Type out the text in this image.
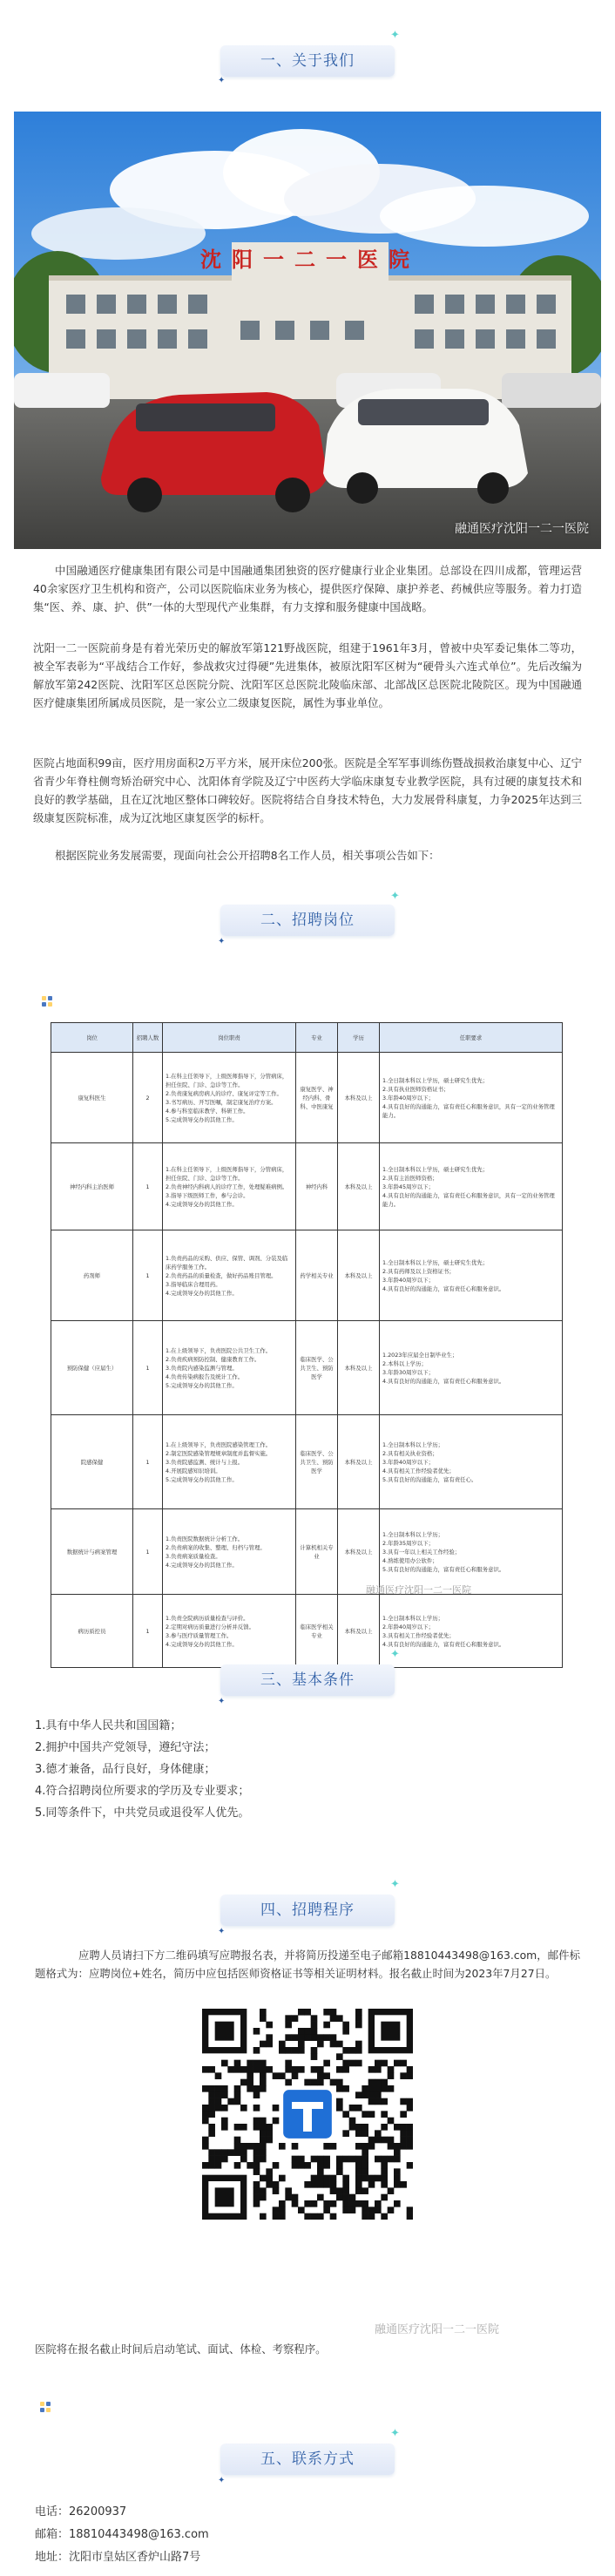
✦
一、关于我们
✦
沈阳一二一医院
融通医疗沈阳一二一医院
中国融通医疗健康集团有限公司是中国融通集团独资的医疗健康行业企业集团。总部设在四川成都，管理运营40余家医疗卫生机构和资产，公司以医院临床业务为核心，提供医疗保障、康护养老、药械供应等服务。着力打造集“医、养、康、护、供”一体的大型现代产业集群，有力支撑和服务健康中国战略。
沈阳一二一医院前身是有着光荣历史的解放军第121野战医院，组建于1961年3月，曾被中央军委记集体二等功，被全军表彰为“平战结合工作好，参战救灾过得硬”先进集体，被原沈阳军区树为“硬骨头六连式单位”。先后改编为解放军第242医院、沈阳军区总医院分院、沈阳军区总医院北陵临床部、北部战区总医院北陵院区。现为中国融通医疗健康集团所属成员医院，是一家公立二级康复医院，属性为事业单位。
医院占地面积99亩，医疗用房面积2万平方米，展开床位200张。医院是全军军事训练伤暨战损救治康复中心、辽宁省青少年脊柱侧弯矫治研究中心、沈阳体育学院及辽宁中医药大学临床康复专业教学医院，具有过硬的康复技术和良好的教学基础，且在辽沈地区整体口碑较好。医院将结合自身技术特色，大力发展骨科康复，力争2025年达到三级康复医院标准，成为辽沈地区康复医学的标杆。
根据医院业务发展需要，现面向社会公开招聘8名工作人员，相关事项公告如下：
✦
二、招聘岗位
✦
岗位	招聘人数	岗位职责	专业	学历	任职要求
康复科医生	2	1.在科主任领导下，上级医师指导下，分管病床，担任住院、门诊、急诊等工作。
2.负责康复病房病人的诊疗、康复评定等工作。
3.书写病历、开写医嘱，制定康复治疗方案。
4.参与科室临床教学、科研工作。
5.完成领导交办的其他工作。	康复医学、神经内科、骨科、中医康复	本科及以上	1.全日制本科以上学历，硕士研究生优先；
2.具有执业医师资格证书；
3.年龄40周岁以下；
4.具有良好的沟通能力，富有责任心和服务意识，具有一定的业务管理能力。

神经内科主治医师	1	1.在科主任领导下，上级医师指导下，分管病床，担任住院、门诊、急诊等工作。
2.负责神经内科病人的诊疗工作，处理疑难病例。
3.指导下级医师工作，参与会诊。
4.完成领导交办的其他工作。	神经内科	本科及以上	1.全日制本科以上学历，硕士研究生优先；
2.具有主治医师资格；
3.年龄45周岁以下；
4.具有良好的沟通能力，富有责任心和服务意识，具有一定的业务管理能力。

药剂师	1	1.负责药品的采购、供应、保管、调剂、分装及临床药学服务工作。
2.负责药品的质量检查，做好药品账目管理。
3.指导临床合理用药。
4.完成领导交办的其他工作。	药学相关专业	本科及以上	1.全日制本科以上学历，硕士研究生优先；
2.具有药师及以上资格证书；
3.年龄40周岁以下；
4.具有良好的沟通能力，富有责任心和服务意识。

预防保健（应届生）	1	1.在上级领导下，负责医院公共卫生工作。
2.负责疾病预防控制、健康教育工作。
3.负责院内感染监测与管理。
4.负责传染病报告及统计工作。
5.完成领导交办的其他工作。	临床医学、公共卫生、预防医学	本科及以上	1.2023年应届全日制毕业生；
2.本科以上学历；
3.年龄30周岁以下；
4.具有良好的沟通能力，富有责任心和服务意识。

院感保健	1	1.在上级领导下，负责医院感染管理工作。
2.制定医院感染管理规章制度并监督实施。
3.负责院感监测、统计与上报。
4.开展院感知识培训。
5.完成领导交办的其他工作。	临床医学、公共卫生、预防医学	本科及以上	1.全日制本科以上学历；
2.具有相关执业资格；
3.年龄40周岁以下；
4.具有相关工作经验者优先；
5.具有良好的沟通能力，富有责任心。

数据统计与病案管理	1	1.负责医院数据统计分析工作。
2.负责病案的收集、整理、归档与管理。
3.负责病案质量检查。
4.完成领导交办的其他工作。	计算机相关专业	本科及以上	1.全日制本科以上学历；
2.年龄35周岁以下；
3.具有一年以上相关工作经验；
4.熟练使用办公软件；
5.具有良好的沟通能力，富有责任心和服务意识。

病历质控员	1	1.负责全院病历质量检查与评价。
2.定期对病历质量进行分析并反馈。
3.参与医疗质量管理工作。
4.完成领导交办的其他工作。	临床医学相关专业	本科及以上	1.全日制本科以上学历；
2.年龄40周岁以下；
3.具有相关工作经验者优先；
4.具有良好的沟通能力，富有责任心和服务意识。
融通医疗沈阳一二一医院
✦
三、基本条件
✦
1.具有中华人民共和国国籍；
2.拥护中国共产党领导，遵纪守法；
3.德才兼备，品行良好，身体健康；
4.符合招聘岗位所要求的学历及专业要求；
5.同等条件下，中共党员或退役军人优先。
✦
四、招聘程序
✦
应聘人员请扫下方二维码填写应聘报名表，并将简历投递至电子邮箱18810443498@163.com，邮件标题格式为：应聘岗位+姓名，简历中应包括医师资格证书等相关证明材料。报名截止时间为2023年7月27日。
融通医疗沈阳一二一医院
医院将在报名截止时间后启动笔试、面试、体检、考察程序。
✦
五、联系方式
✦
电话：26200937
邮箱：18810443498@163.com
地址：沈阳市皇姑区香炉山路7号
